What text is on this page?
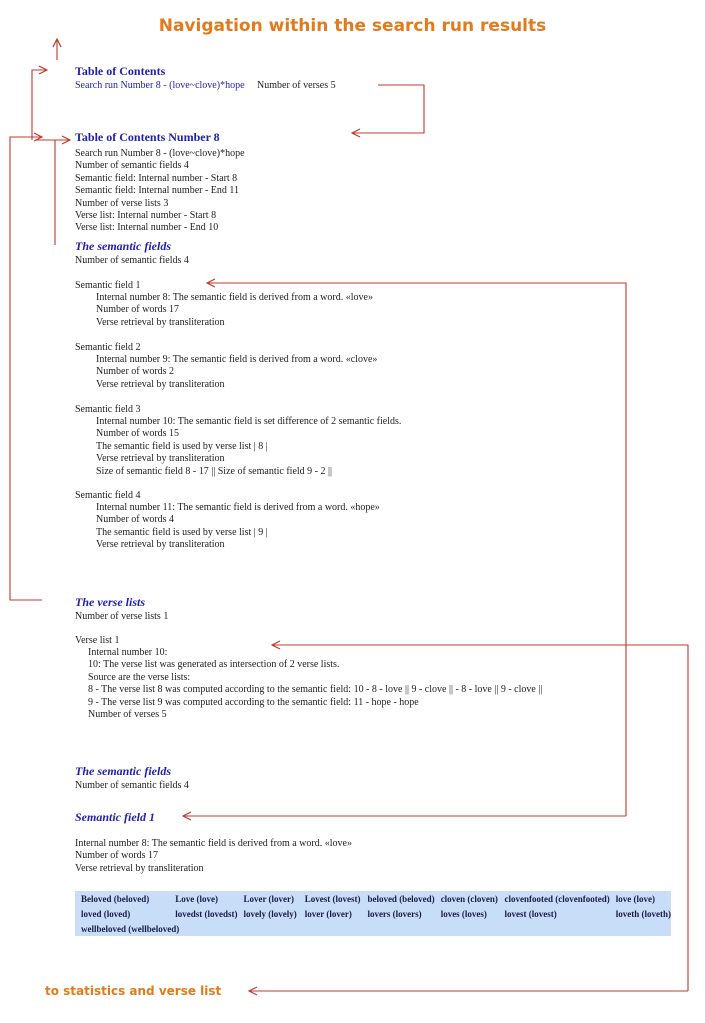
Navigation within the search run results
Table of Contents
Search run Number 8 - (love~clove)*hope Number of verses 5
Table of Contents Number 8
Search run Number 8 - (love~clove)*hope
Number of semantic fields 4
Semantic field: Internal number - Start 8
Semantic field: Internal number - End 11
Number of verse lists 3
Verse list: Internal number - Start 8
Verse list: Internal number - End 10
The semantic fields
Number of semantic fields 4
Semantic field 1
Internal number 8: The semantic field is derived from a word. «love»
Number of words 17
Verse retrieval by transliteration
Semantic field 2
Internal number 9: The semantic field is derived from a word. «clove»
Number of words 2
Verse retrieval by transliteration
Semantic field 3
Internal number 10: The semantic field is set difference of 2 semantic fields.
Number of words 15
The semantic field is used by verse list | 8 |
Verse retrieval by transliteration
Size of semantic field 8 - 17 || Size of semantic field 9 - 2 ||
Semantic field 4
Internal number 11: The semantic field is derived from a word. «hope»
Number of words 4
The semantic field is used by verse list | 9 |
Verse retrieval by transliteration
The verse lists
Number of verse lists 1
Verse list 1
Internal number 10:
10: The verse list was generated as intersection of 2 verse lists.
Source are the verse lists:
8 - The verse list 8 was computed according to the semantic field: 10 - 8 - love || 9 - clove || - 8 - love || 9 - clove ||
9 - The verse list 9 was computed according to the semantic field: 11 - hope - hope
Number of verses 5
The semantic fields
Number of semantic fields 4
Semantic field 1
Internal number 8: The semantic field is derived from a word. «love»
Number of words 17
Verse retrieval by transliteration
Beloved (beloved)	Love (love)	Lover (lover)	Lovest (lovest)	beloved (beloved)	cloven (cloven)	clovenfooted (clovenfooted)	love (love)
loved (loved)	lovedst (lovedst)	lovely (lovely)	lover (lover)	lovers (lovers)	loves (loves)	lovest (lovest)	loveth (loveth)
wellbeloved (wellbeloved)							
to statistics and verse list
